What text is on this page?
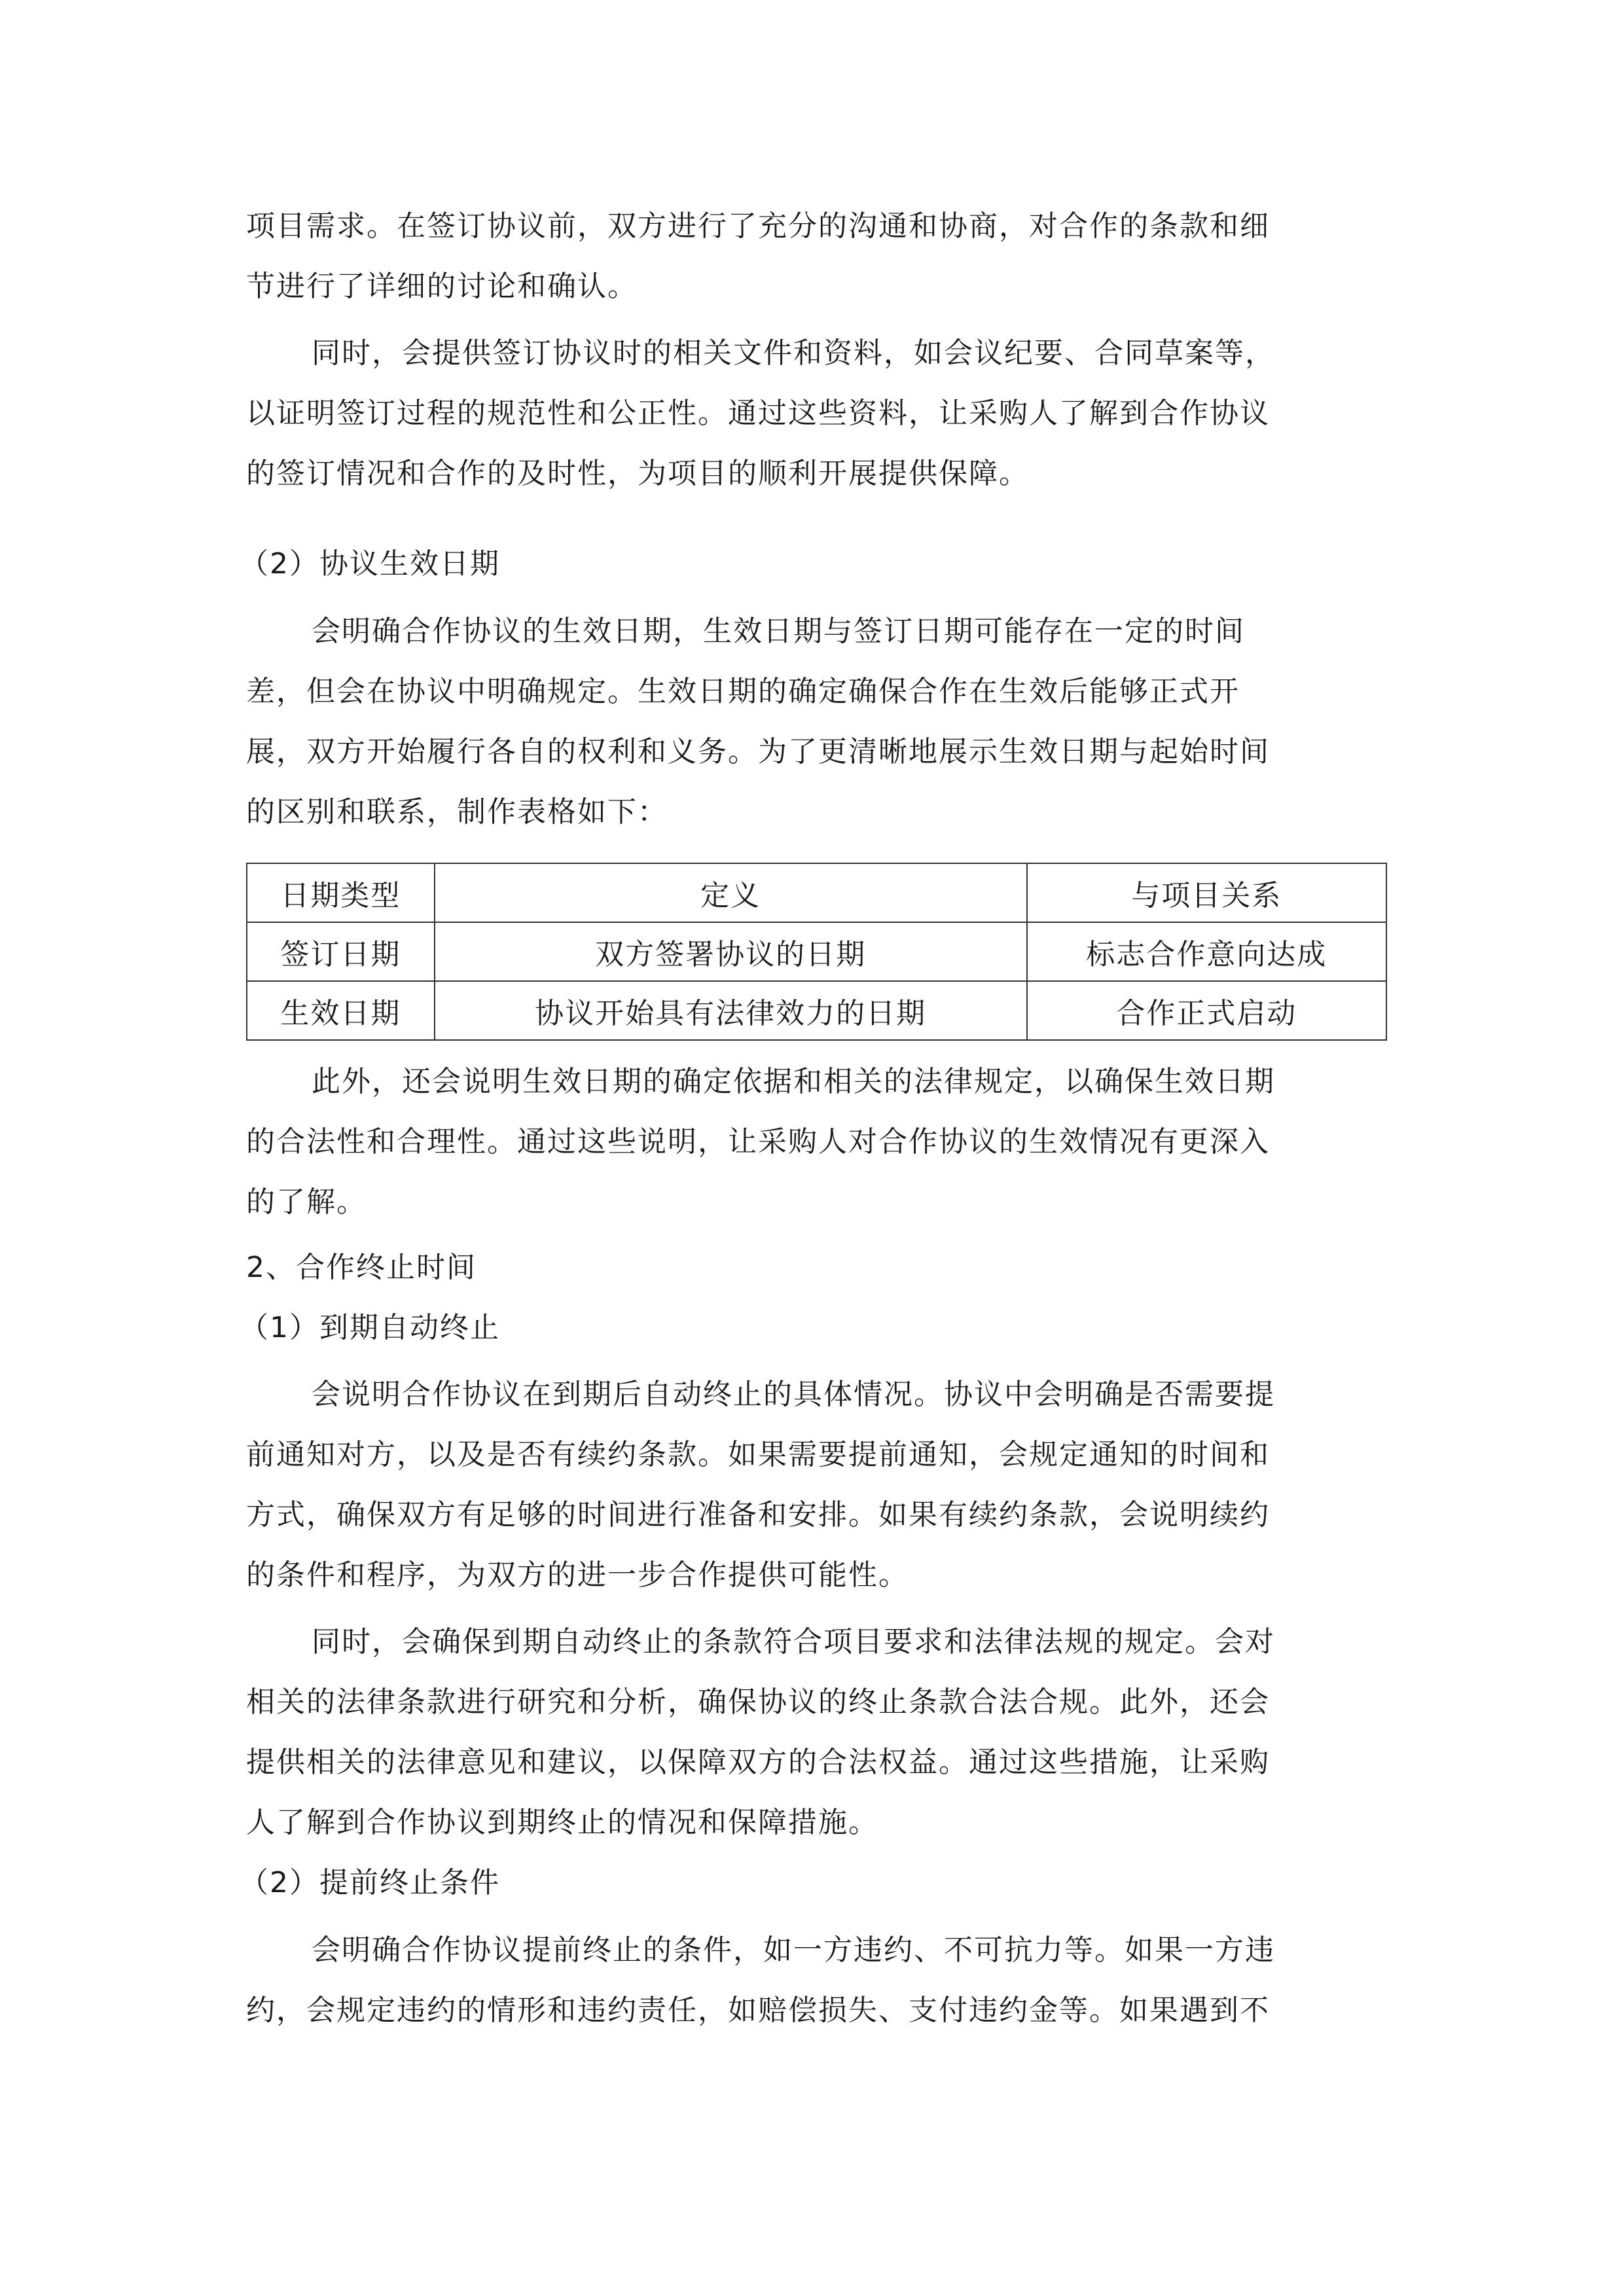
项目需求。在签订协议前，双方进行了充分的沟通和协商，对合作的条款和细
节进行了详细的讨论和确认。
同时，会提供签订协议时的相关文件和资料，如会议纪要、合同草案等，
以证明签订过程的规范性和公正性。通过这些资料，让采购人了解到合作协议
的签订情况和合作的及时性，为项目的顺利开展提供保障。
（2）协议生效日期
会明确合作协议的生效日期，生效日期与签订日期可能存在一定的时间
差，但会在协议中明确规定。生效日期的确定确保合作在生效后能够正式开
展，双方开始履行各自的权利和义务。为了更清晰地展示生效日期与起始时间
的区别和联系，制作表格如下：
日期类型	定义	与项目关系
签订日期	双方签署协议的日期	标志合作意向达成
生效日期	协议开始具有法律效力的日期	合作正式启动
此外，还会说明生效日期的确定依据和相关的法律规定，以确保生效日期
的合法性和合理性。通过这些说明，让采购人对合作协议的生效情况有更深入
的了解。
2、合作终止时间
（1）到期自动终止
会说明合作协议在到期后自动终止的具体情况。协议中会明确是否需要提
前通知对方，以及是否有续约条款。如果需要提前通知，会规定通知的时间和
方式，确保双方有足够的时间进行准备和安排。如果有续约条款，会说明续约
的条件和程序，为双方的进一步合作提供可能性。
同时，会确保到期自动终止的条款符合项目要求和法律法规的规定。会对
相关的法律条款进行研究和分析，确保协议的终止条款合法合规。此外，还会
提供相关的法律意见和建议，以保障双方的合法权益。通过这些措施，让采购
人了解到合作协议到期终止的情况和保障措施。
（2）提前终止条件
会明确合作协议提前终止的条件，如一方违约、不可抗力等。如果一方违
约，会规定违约的情形和违约责任，如赔偿损失、支付违约金等。如果遇到不
